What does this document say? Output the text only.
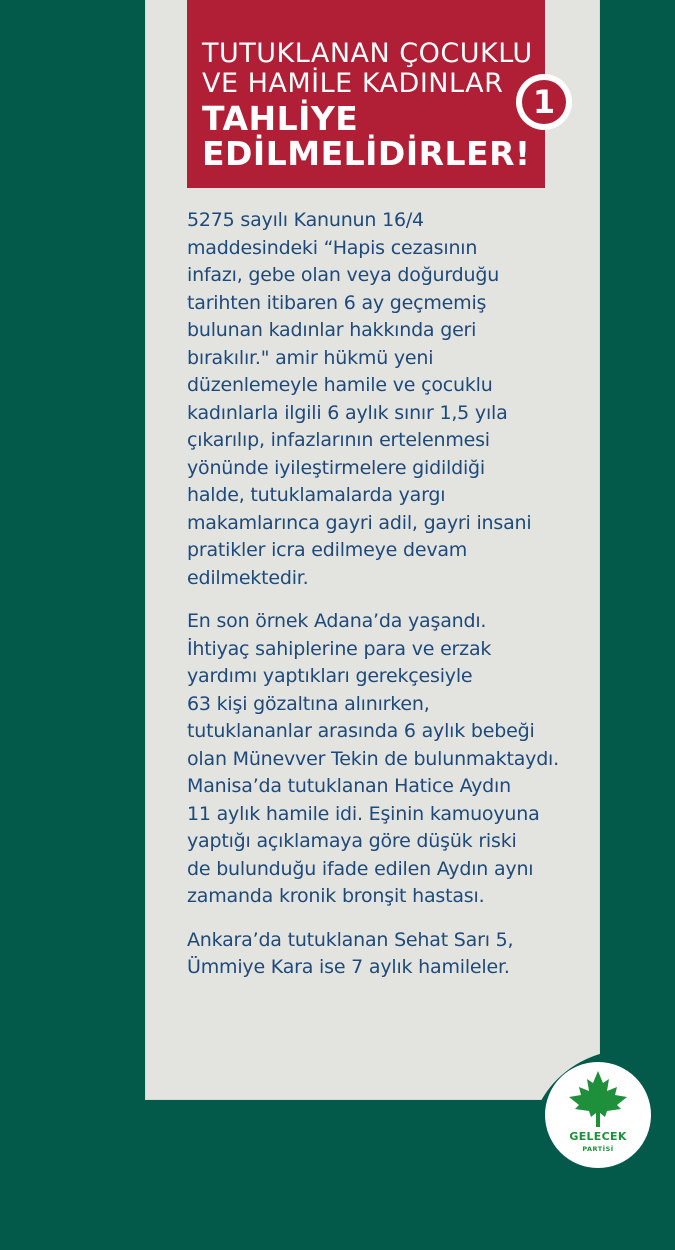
TUTUKLANAN ÇOCUKLU
VE HAMİLE KADINLAR
TAHLİYE
EDİLMELİDİRLER!
1
5275 sayılı Kanunun 16/4
maddesindeki “Hapis cezasının
infazı, gebe olan veya doğurduğu
tarihten itibaren 6 ay geçmemiş
bulunan kadınlar hakkında geri
bırakılır." amir hükmü yeni
düzenlemeyle hamile ve çocuklu
kadınlarla ilgili 6 aylık sınır 1,5 yıla
çıkarılıp, infazlarının ertelenmesi
yönünde iyileştirmelere gidildiği
halde, tutuklamalarda yargı
makamlarınca gayri adil, gayri insani
pratikler icra edilmeye devam
edilmektedir.
En son örnek Adana’da yaşandı.
İhtiyaç sahiplerine para ve erzak
yardımı yaptıkları gerekçesiyle
63 kişi gözaltına alınırken,
tutuklananlar arasında 6 aylık bebeği
olan Münevver Tekin de bulunmaktaydı.
Manisa’da tutuklanan Hatice Aydın
11 aylık hamile idi. Eşinin kamuoyuna
yaptığı açıklamaya göre düşük riski
de bulunduğu ifade edilen Aydın aynı
zamanda kronik bronşit hastası.
Ankara’da tutuklanan Sehat Sarı 5,
Ümmiye Kara ise 7 aylık hamileler.
GELECEK
PARTİSİ
